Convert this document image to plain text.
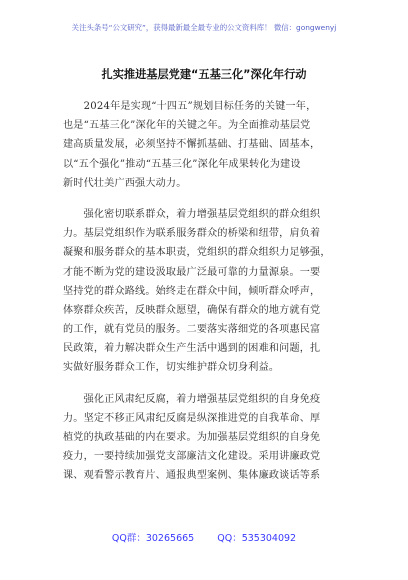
关注头条号“公文研究”，获得最新最全最专业的公文资料库！ 微信：gongwenyj
扎实推进基层党建“五基三化”深化年行动
　　2024年是实现“十四五”规划目标任务的关键一年，
也是“五基三化”深化年的关键之年。为全面推动基层党
建高质量发展，必须坚持不懈抓基础、打基础、固基本，
以“五个强化”推动“五基三化”深化年成果转化为建设
新时代壮美广西强大动力。
　　强化密切联系群众，着力增强基层党组织的群众组织
力。基层党组织作为联系服务群众的桥梁和纽带，肩负着
凝聚和服务群众的基本职责，党组织的群众组织力足够强，
才能不断为党的建设汲取最广泛最可靠的力量源泉。一要
坚持党的群众路线。始终走在群众中间，倾听群众呼声，
体察群众疾苦，反映群众愿望，确保有群众的地方就有党
的工作，就有党员的服务。二要落实落细党的各项惠民富
民政策，着力解决群众生产生活中遇到的困难和问题，扎
实做好服务群众工作，切实维护群众切身利益。
　　强化正风肃纪反腐，着力增强基层党组织的自身免疫
力。坚定不移正风肃纪反腐是纵深推进党的自我革命、厚
植党的执政基础的内在要求。为加强基层党组织的自身免
疫力，一要持续加强党支部廉洁文化建设。采用讲廉政党
课、观看警示教育片、通报典型案例、集体廉政谈话等系
QQ群：30265665 QQ：535304092
